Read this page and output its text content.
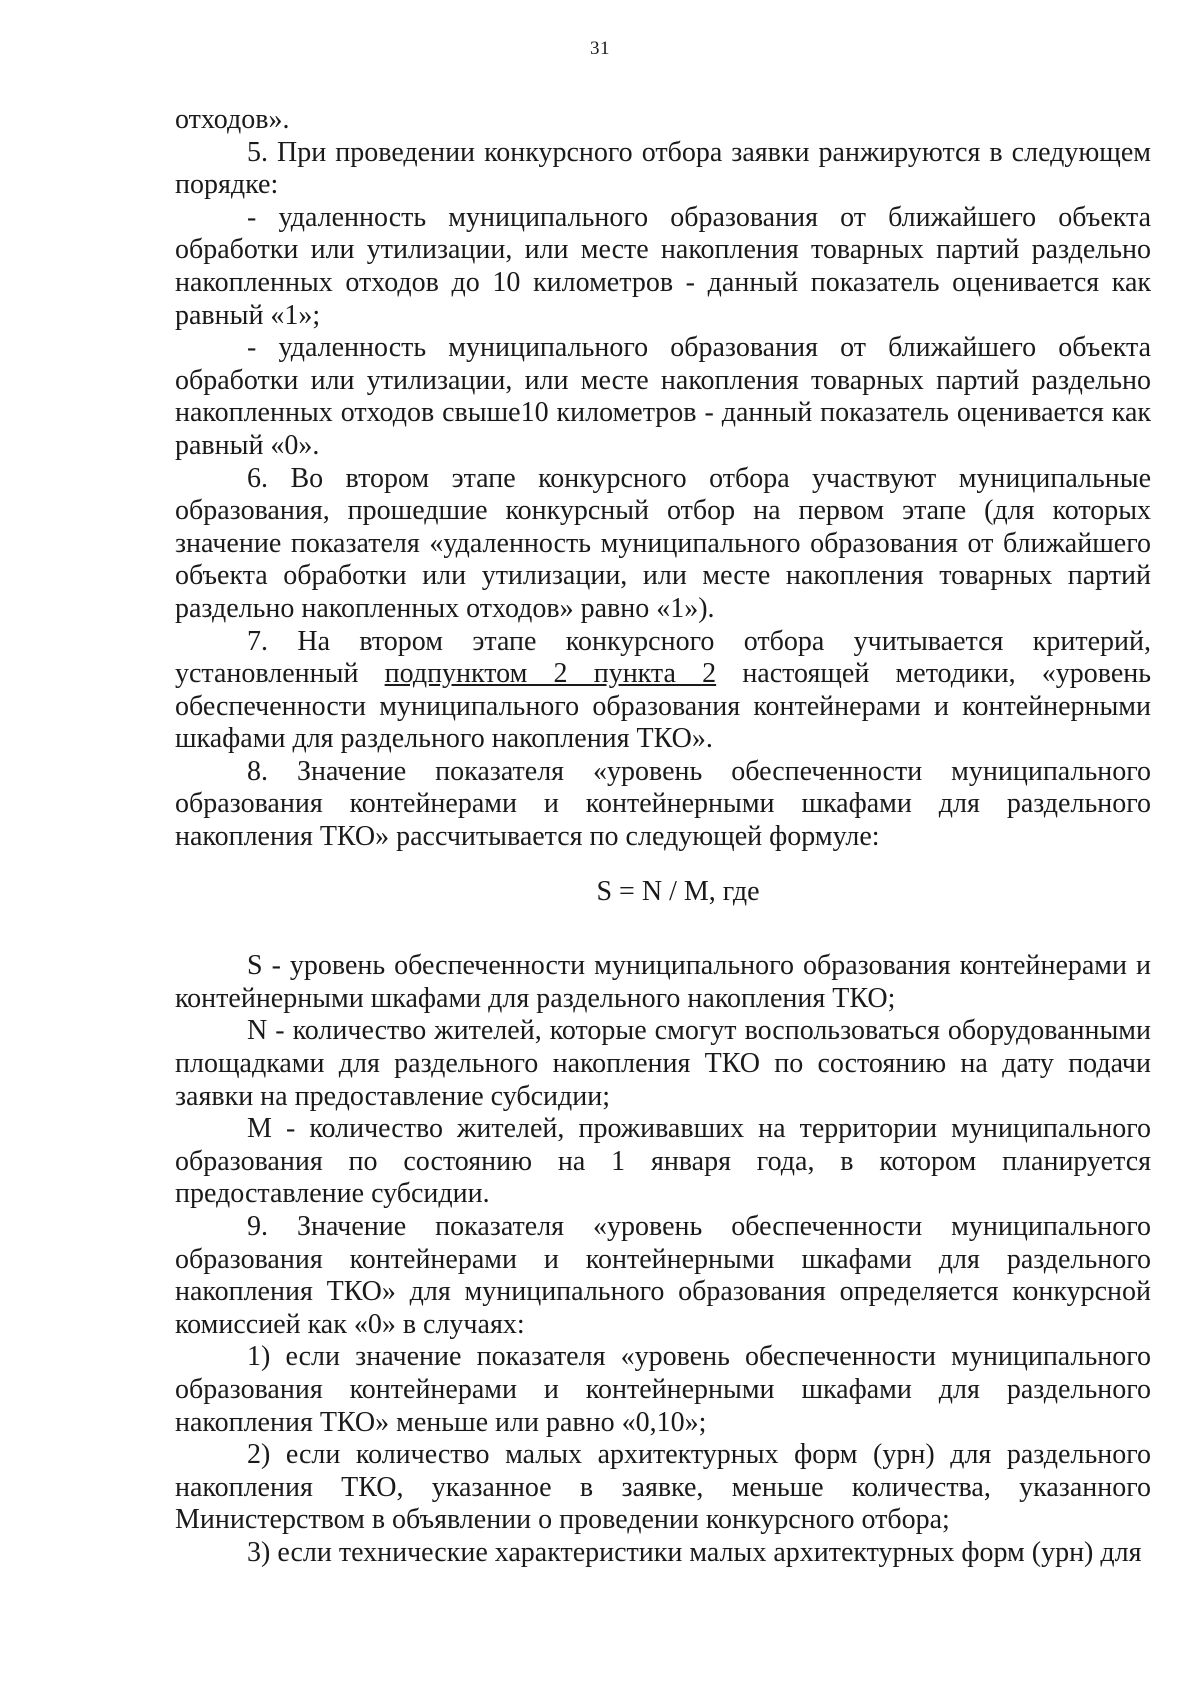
31

отходов».

5. При проведении конкурсного отбора заявки ранжируются в следующем порядке:

- удаленность муниципального образования от ближайшего объекта обработки или утилизации, или месте накопления товарных партий раздельно накопленных отходов до 10 километров - данный показатель оценивается как равный «1»;

- удаленность муниципального образования от ближайшего объекта обработки или утилизации, или месте накопления товарных партий раздельно накопленных отходов свыше10 километров - данный показатель оценивается как равный «0».

6. Во втором этапе конкурсного отбора участвуют муниципальные образования, прошедшие конкурсный отбор на первом этапе (для которых значение показателя «удаленность муниципального образования от ближайшего объекта обработки или утилизации, или месте накопления товарных партий раздельно накопленных отходов» равно «1»).

7. На втором этапе конкурсного отбора учитывается критерий, установленный подпунктом 2 пункта 2 настоящей методики, «уровень обеспеченности муниципального образования контейнерами и контейнерными шкафами для раздельного накопления ТКО».

8. Значение показателя «уровень обеспеченности муниципального образования контейнерами и контейнерными шкафами для раздельного накопления ТКО» рассчитывается по следующей формуле:

S = N / M, где

S - уровень обеспеченности муниципального образования контейнерами и контейнерными шкафами для раздельного накопления ТКО;

N - количество жителей, которые смогут воспользоваться оборудованными площадками для раздельного накопления ТКО по состоянию на дату подачи заявки на предоставление субсидии;

M - количество жителей, проживавших на территории муниципального образования по состоянию на 1 января года, в котором планируется предоставление субсидии.

9. Значение показателя «уровень обеспеченности муниципального образования контейнерами и контейнерными шкафами для раздельного накопления ТКО» для муниципального образования определяется конкурсной комиссией как «0» в случаях:

1) если значение показателя «уровень обеспеченности муниципального образования контейнерами и контейнерными шкафами для раздельного накопления ТКО» меньше или равно «0,10»;

2) если количество малых архитектурных форм (урн) для раздельного накопления ТКО, указанное в заявке, меньше количества, указанного Министерством в объявлении о проведении конкурсного отбора;

3) если технические характеристики малых архитектурных форм (урн) для
